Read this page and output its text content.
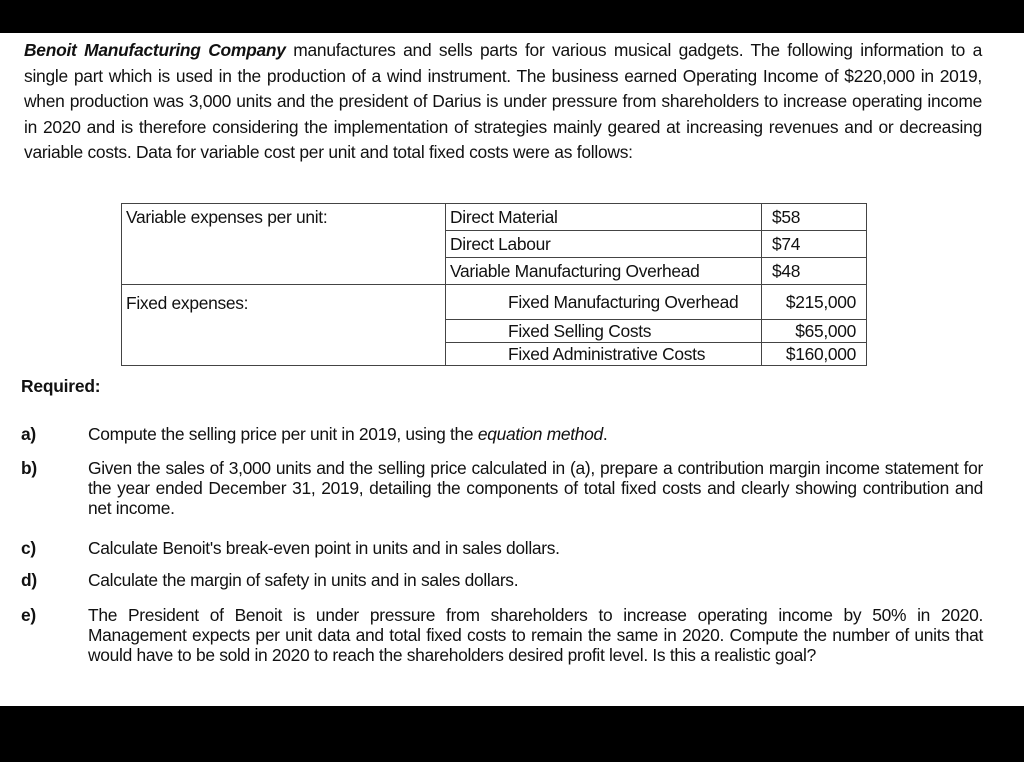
Benoit Manufacturing Company manufactures and sells parts for various musical gadgets. The following information to a single part which is used in the production of a wind instrument. The business earned Operating Income of $220,000 in 2019, when production was 3,000 units and the president of Darius is under pressure from shareholders to increase operating income in 2020 and is therefore considering the implementation of strategies mainly geared at increasing revenues and or decreasing variable costs. Data for variable cost per unit and total fixed costs were as follows:
Variable expenses per unit:	Direct Material	$58
	Direct Labour	$74
	Variable Manufacturing Overhead	$48
Fixed expenses:	Fixed Manufacturing Overhead	$215,000
	Fixed Selling Costs	$65,000
	Fixed Administrative Costs	$160,000
Required:
a)	Compute the selling price per unit in 2019, using the equation method.
b)	Given the sales of 3,000 units and the selling price calculated in (a), prepare a contribution margin income statement for the year ended December 31, 2019, detailing the components of total fixed costs and clearly showing contribution and net income.
c)	Calculate Benoit's break-even point in units and in sales dollars.
d)	Calculate the margin of safety in units and in sales dollars.
e)	The President of Benoit is under pressure from shareholders to increase operating income by 50% in 2020. Management expects per unit data and total fixed costs to remain the same in 2020. Compute the number of units that would have to be sold in 2020 to reach the shareholders desired profit level. Is this a realistic goal?
